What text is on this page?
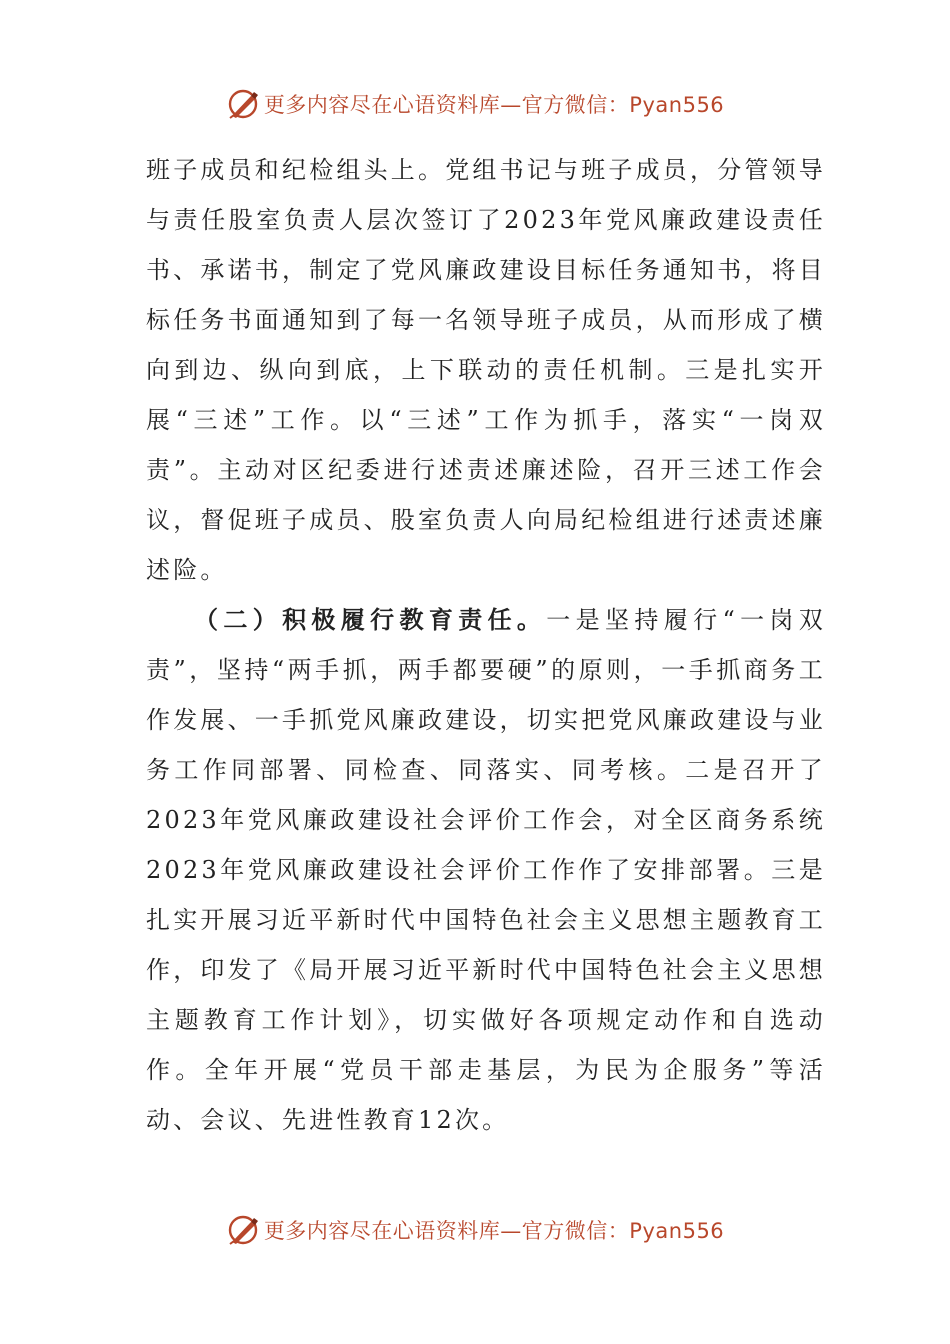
更多内容尽在心语资料库—官方微信：Pyan556

班子成员和纪检组头上。党组书记与班子成员，分管领导与责任股室负责人层次签订了2023年党风廉政建设责任书、承诺书，制定了党风廉政建设目标任务通知书，将目标任务书面通知到了每一名领导班子成员，从而形成了横向到边、纵向到底，上下联动的责任机制。三是扎实开展“三述”工作。以“三述”工作为抓手，落实“一岗双责”。主动对区纪委进行述责述廉述险，召开三述工作会议，督促班子成员、股室负责人向局纪检组进行述责述廉述险。

（二）积极履行教育责任。一是坚持履行“一岗双责”，坚持“两手抓，两手都要硬”的原则，一手抓商务工作发展、一手抓党风廉政建设，切实把党风廉政建设与业务工作同部署、同检查、同落实、同考核。二是召开了2023年党风廉政建设社会评价工作会，对全区商务系统2023年党风廉政建设社会评价工作作了安排部署。三是扎实开展习近平新时代中国特色社会主义思想主题教育工作，印发了《局开展习近平新时代中国特色社会主义思想主题教育工作计划》，切实做好各项规定动作和自选动作。全年开展“党员干部走基层，为民为企服务”等活动、会议、先进性教育12次。

更多内容尽在心语资料库—官方微信：Pyan556
